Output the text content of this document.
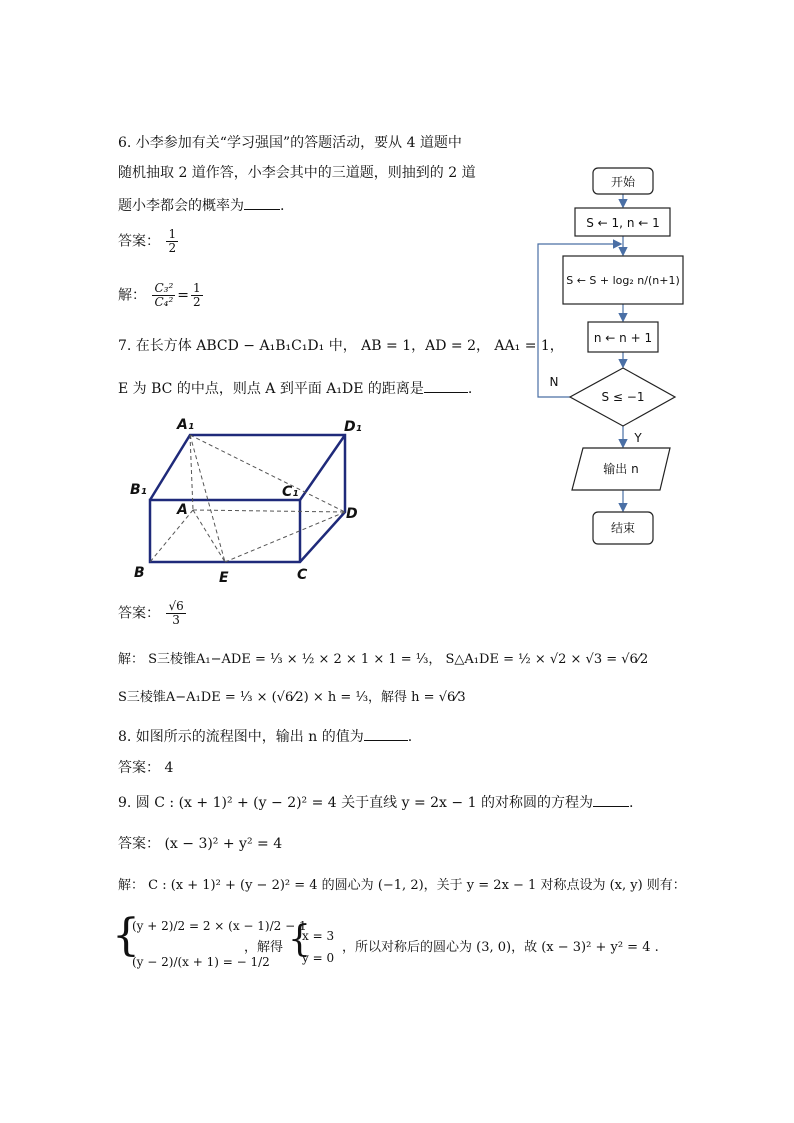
6. 小李参加有关“学习强国”的答题活动，要从 4 道题中
随机抽取 2 道作答，小李会其中的三道题，则抽到的 2 道
题小李都会的概率为	.
答案： $\frac{1}{2}$
解： $\frac{\text{C₃²}}{\text{C₄²}} = \frac{1}{2}$
7. 在长方体 ABCD − A₁B₁C₁D₁ 中， AB = 1，AD = 2， AA₁ = 1，
E 为 BC 的中点，则点 A 到平面 A₁DE 的距离是	.
A₁	D₁
B₁	C₁
A	D
B	E	C
答案： $\frac{√6}{3}$
解： S三棱锥A₁−ADE = ⅓ × ½ × 2 × 1 × 1 = ⅓， S△A₁DE = ½ × √2 × √3 = √6⁄2
S三棱锥A−A₁DE = ⅓ × (√6⁄2) × h = ⅓，解得 h = √6⁄3
8. 如图所示的流程图中，输出 n 的值为	.
答案： 4
9. 圆 C : (x + 1)² + (y − 2)² = 4 关于直线 y = 2x − 1 的对称圆的方程为	.
答案： (x − 3)² + y² = 4
解： C : (x + 1)² + (y − 2)² = 4 的圆心为 (−1, 2)，关于 y = 2x − 1 对称点设为 (x, y) 则有：
{
(y + 2)/2 = 2 × (x − 1)/2 − 1
(y − 2)/(x + 1) = − 1/2
，解得 {
x = 3
y = 0
，所以对称后的圆心为 (3, 0)，故 (x − 3)² + y² = 4 .
开始
S ← 1, n ← 1
S ← S + log₂ n/(n+1)
n ← n + 1
S ≤ −1
N
Y
输出 n
结束
